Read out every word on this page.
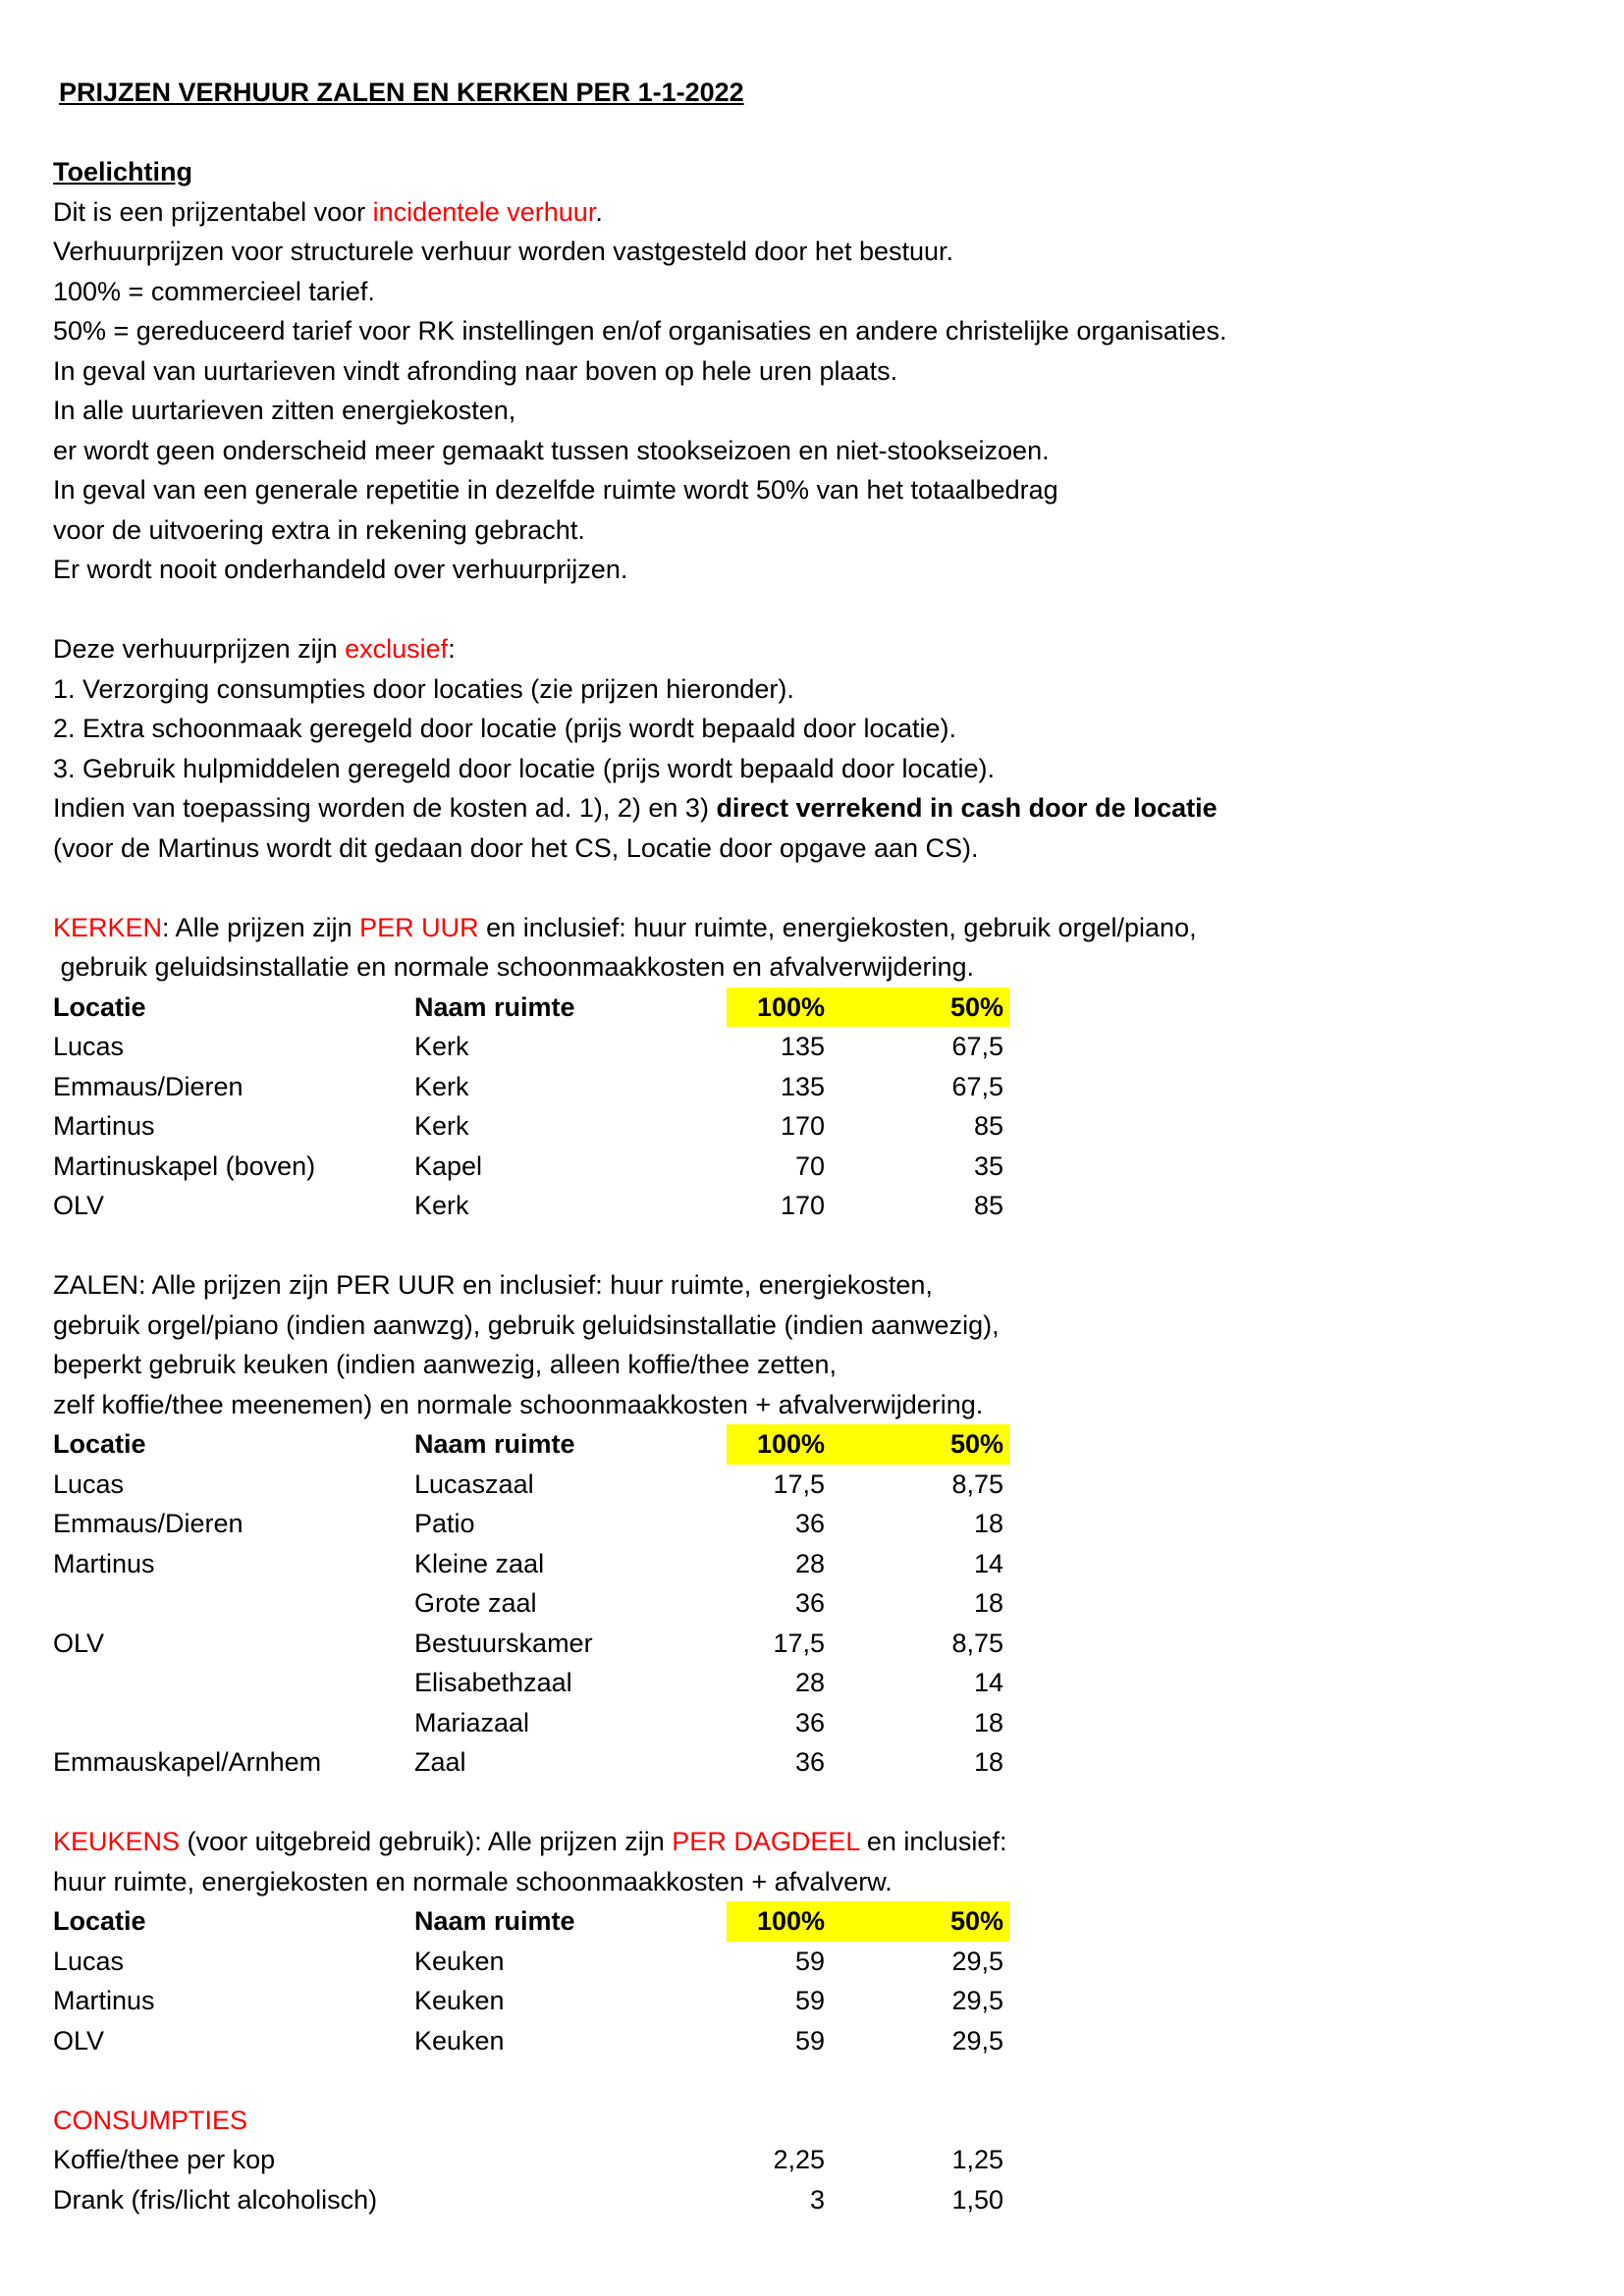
PRIJZEN VERHUUR ZALEN EN KERKEN PER 1-1-2022
Toelichting
Dit is een prijzentabel voor incidentele verhuur.
Verhuurprijzen voor structurele verhuur worden vastgesteld door het bestuur.
100% = commercieel tarief.
50% = gereduceerd tarief voor RK instellingen en/of organisaties en andere christelijke organisaties.
In geval van uurtarieven vindt afronding naar boven op hele uren plaats.
In alle uurtarieven zitten energiekosten,
er wordt geen onderscheid meer gemaakt tussen stookseizoen en niet-stookseizoen.
In geval van een generale repetitie in dezelfde ruimte wordt 50% van het totaalbedrag
voor de uitvoering extra in rekening gebracht.
Er wordt nooit onderhandeld over verhuurprijzen.
Deze verhuurprijzen zijn exclusief:
1. Verzorging consumpties door locaties (zie prijzen hieronder).
2. Extra schoonmaak geregeld door locatie (prijs wordt bepaald door locatie).
3. Gebruik hulpmiddelen geregeld door locatie (prijs wordt bepaald door locatie).
Indien van toepassing worden de kosten ad. 1), 2) en 3) direct verrekend in cash door de locatie
(voor de Martinus wordt dit gedaan door het CS, Locatie door opgave aan CS).
KERKEN: Alle prijzen zijn PER UUR en inclusief: huur ruimte, energiekosten, gebruik orgel/piano,
gebruik geluidsinstallatie en normale schoonmaakkosten en afvalverwijdering.
Locatie	Naam ruimte	100%	50%

Lucas	Kerk	135	67,5

Emmaus/Dieren	Kerk	135	67,5

Martinus	Kerk	170	85

Martinuskapel (boven)	Kapel	70	35

OLV	Kerk	170	85
ZALEN: Alle prijzen zijn PER UUR en inclusief: huur ruimte, energiekosten,
gebruik orgel/piano (indien aanwzg), gebruik geluidsinstallatie (indien aanwezig),
beperkt gebruik keuken (indien aanwezig, alleen koffie/thee zetten,
zelf koffie/thee meenemen) en normale schoonmaakkosten + afvalverwijdering.
Locatie	Naam ruimte	100%	50%

Lucas	Lucaszaal	17,5	8,75

Emmaus/Dieren	Patio	36	18

Martinus	Kleine zaal	28	14

	Grote zaal	36	18

OLV	Bestuurskamer	17,5	8,75

	Elisabethzaal	28	14

	Mariazaal	36	18

Emmauskapel/Arnhem	Zaal	36	18
KEUKENS (voor uitgebreid gebruik): Alle prijzen zijn PER DAGDEEL en inclusief:
huur ruimte, energiekosten en normale schoonmaakkosten + afvalverw.
Locatie	Naam ruimte	100%	50%

Lucas	Keuken	59	29,5

Martinus	Keuken	59	29,5

OLV	Keuken	59	29,5
CONSUMPTIES
Koffie/thee per kop	2,25	1,25

Drank (fris/licht alcoholisch)	3	1,50
